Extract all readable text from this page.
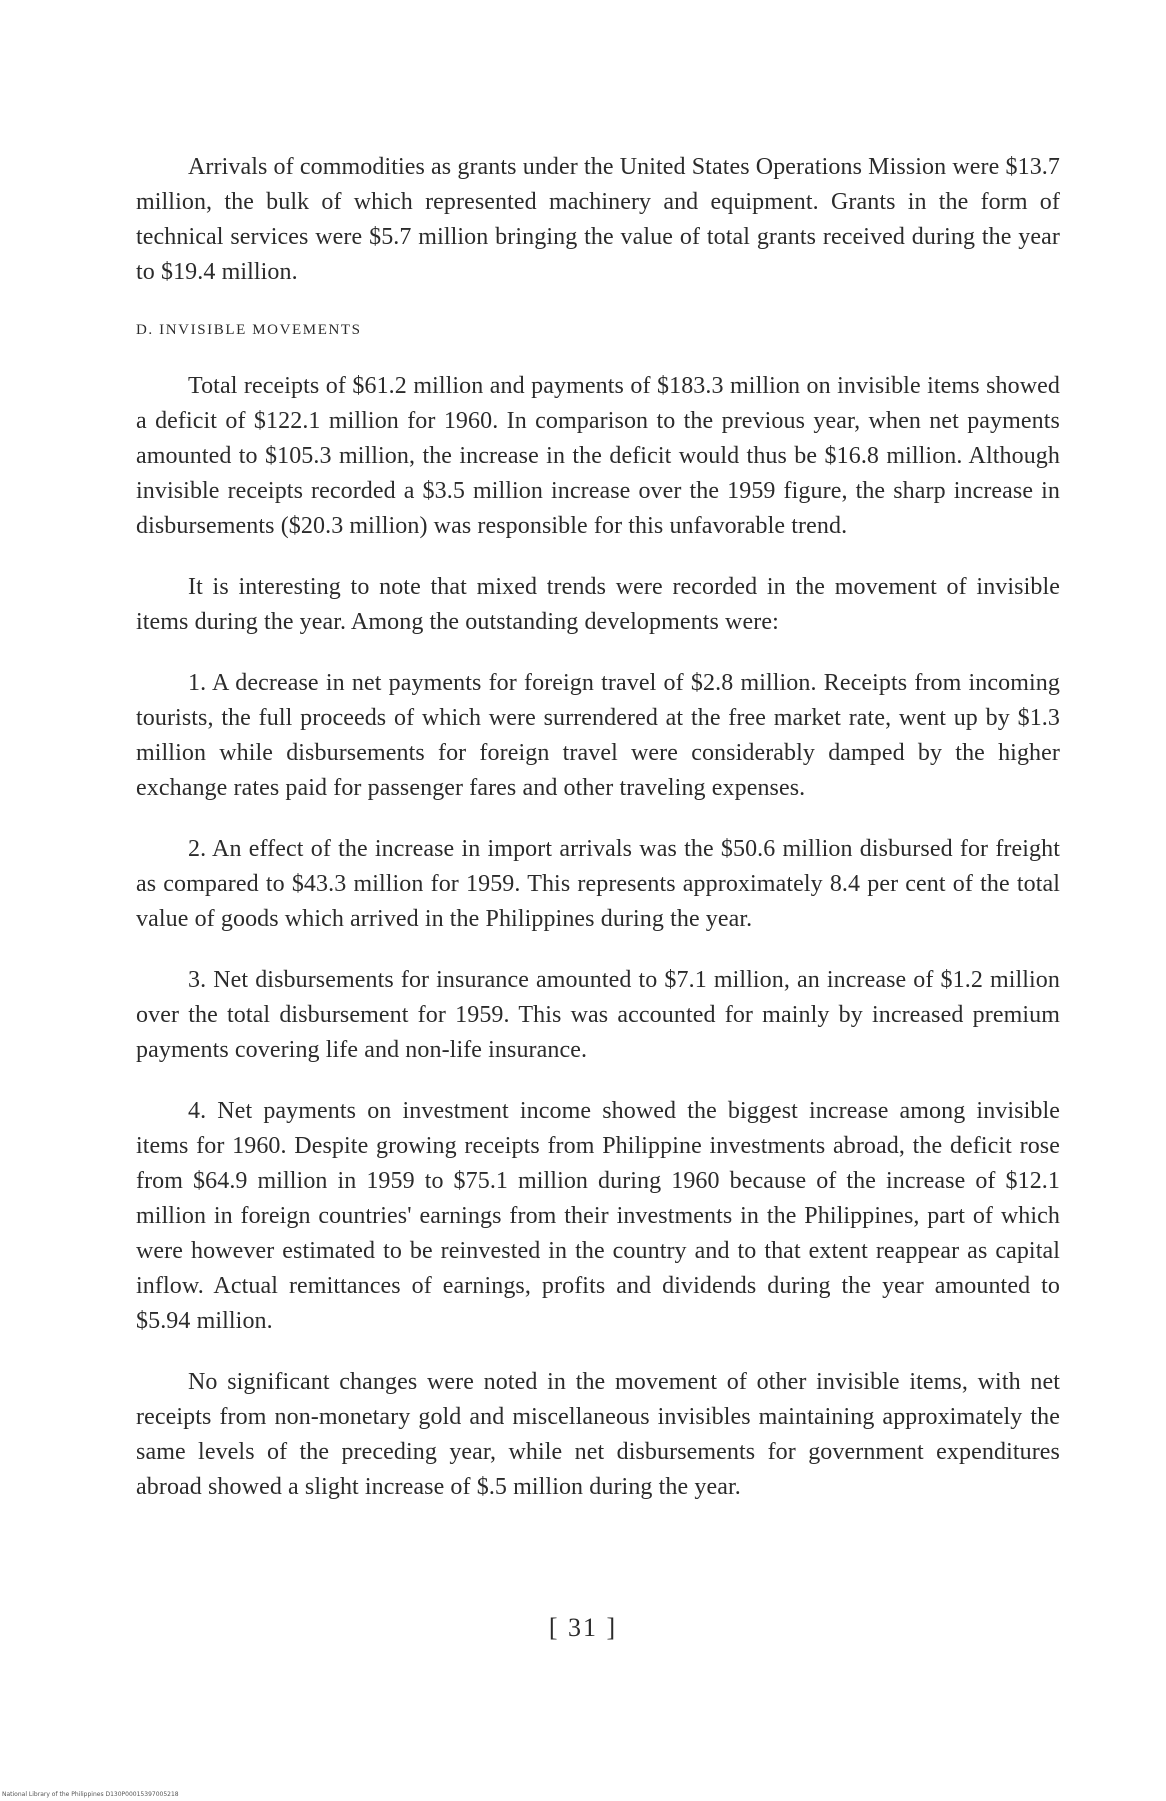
Arrivals of commodities as grants under the United States Operations Mission were $13.7 million, the bulk of which represented machinery and equipment. Grants in the form of technical services were $5.7 million bringing the value of total grants received during the year to $19.4 million.

D. INVISIBLE MOVEMENTS

Total receipts of $61.2 million and payments of $183.3 million on invisible items showed a deficit of $122.1 million for 1960. In comparison to the previous year, when net payments amounted to $105.3 million, the increase in the deficit would thus be $16.8 million. Although invisible receipts recorded a $3.5 million increase over the 1959 figure, the sharp increase in disbursements ($20.3 million) was responsible for this unfavorable trend.

It is interesting to note that mixed trends were recorded in the movement of invisible items during the year. Among the outstanding developments were:

1. A decrease in net payments for foreign travel of $2.8 million. Receipts from incoming tourists, the full proceeds of which were surrendered at the free market rate, went up by $1.3 million while disbursements for foreign travel were considerably damped by the higher exchange rates paid for passenger fares and other traveling expenses.

2. An effect of the increase in import arrivals was the $50.6 million disbursed for freight as compared to $43.3 million for 1959. This represents approximately 8.4 per cent of the total value of goods which arrived in the Philippines during the year.

3. Net disbursements for insurance amounted to $7.1 million, an increase of $1.2 million over the total disbursement for 1959. This was accounted for mainly by increased premium payments covering life and non-life insurance.

4. Net payments on investment income showed the biggest increase among invisible items for 1960. Despite growing receipts from Philippine investments abroad, the deficit rose from $64.9 million in 1959 to $75.1 million during 1960 because of the increase of $12.1 million in foreign countries' earnings from their investments in the Philippines, part of which were however estimated to be reinvested in the country and to that extent reappear as capital inflow. Actual remittances of earnings, profits and dividends during the year amounted to $5.94 million.

No significant changes were noted in the movement of other invisible items, with net receipts from non-monetary gold and miscellaneous invisibles maintaining approximately the same levels of the preceding year, while net disbursements for government expenditures abroad showed a slight increase of $.5 million during the year.

[ 31 ]
National Library of the Philippines D130P00015397005218
